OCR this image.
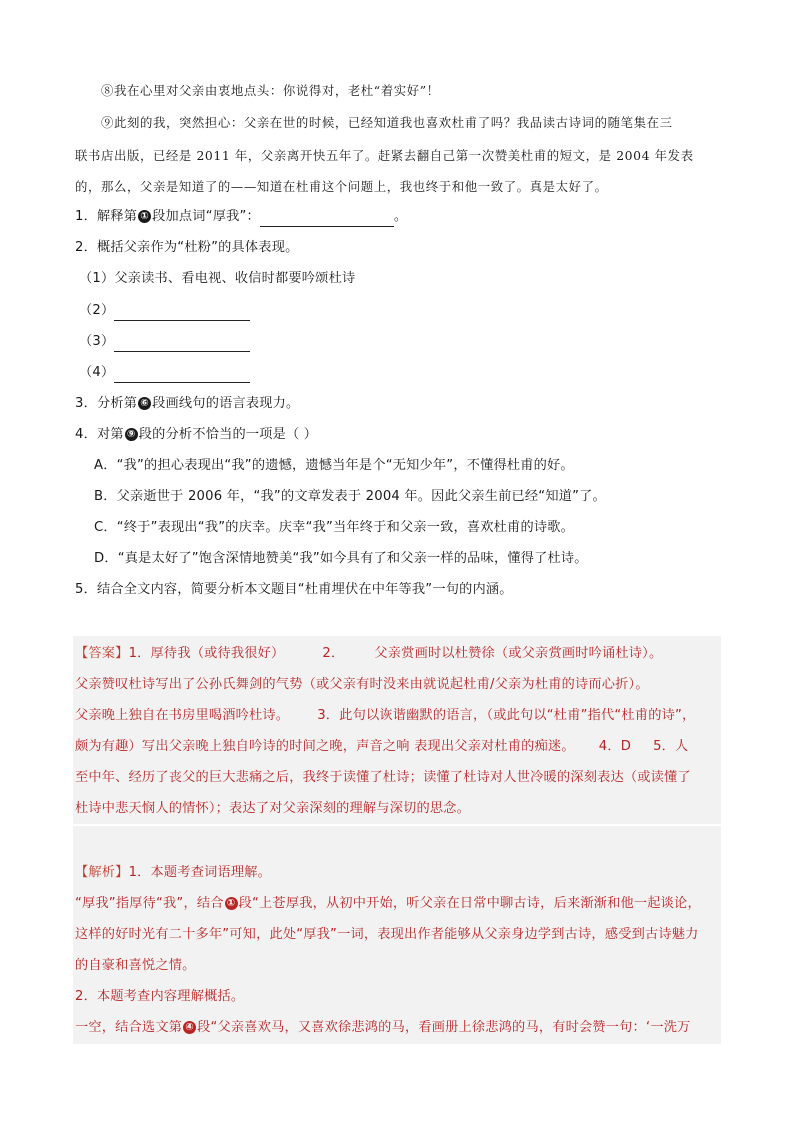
⑧我在心里对父亲由衷地点头：你说得对，老杜“着实好”！
⑨此刻的我，突然担心：父亲在世的时候，已经知道我也喜欢杜甫了吗？我品读古诗词的随笔集在三
联书店出版，已经是 2011 年，父亲离开快五年了。赶紧去翻自己第一次赞美杜甫的短文，是 2004 年发表
的，那么，父亲是知道了的——知道在杜甫这个问题上，我也终于和他一致了。真是太好了。
1．解释第 ① 段加点词“厚我”：	。
2．概括父亲作为“杜粉”的具体表现。
（1）父亲读书、看电视、收信时都要吟颂杜诗
（2）
（3）
（4）
3．分析第 ⑥ 段画线句的语言表现力。
4．对第 ⑨ 段的分析不恰当的一项是（ ）
A．“我”的担心表现出“我”的遗憾，遗憾当年是个“无知少年”，不懂得杜甫的好。
B．父亲逝世于 2006 年，“我”的文章发表于 2004 年。因此父亲生前已经“知道”了。
C．“终于”表现出“我”的庆幸。庆幸“我”当年终于和父亲一致，喜欢杜甫的诗歌。
D．“真是太好了”饱含深情地赞美“我”如今具有了和父亲一样的品味，懂得了杜诗。
5．结合全文内容，简要分析本文题目“杜甫埋伏在中年等我”一句的内涵。
【答案】1．厚待我（或待我很好）	2． 父亲赏画时以杜赞徐（或父亲赏画时吟诵杜诗）。
父亲赞叹杜诗写出了公孙氏舞剑的气势（或父亲有时没来由就说起杜甫/父亲为杜甫的诗而心折）。
父亲晚上独自在书房里喝酒吟杜诗。 3．此句以诙谐幽默的语言，（或此句以“杜甫”指代“杜甫的诗”，
颇为有趣）写出父亲晚上独自吟诗的时间之晚，声音之响 表现出父亲对杜甫的痴迷。 4．D 5．人
至中年、经历了丧父的巨大悲痛之后，我终于读懂了杜诗；读懂了杜诗对人世冷暖的深刻表达（或读懂了
杜诗中悲天悯人的情怀）；表达了对父亲深刻的理解与深切的思念。
【解析】1．本题考查词语理解。
“厚我”指厚待“我”，结合 ① 段“上苍厚我，从初中开始，听父亲在日常中聊古诗，后来渐渐和他一起谈论，
这样的好时光有二十多年”可知，此处“厚我”一词，表现出作者能够从父亲身边学到古诗，感受到古诗魅力
的自豪和喜悦之情。
2．本题考查内容理解概括。
一空，结合选文第 ④ 段“父亲喜欢马，又喜欢徐悲鸿的马，看画册上徐悲鸿的马，有时会赞一句：‘一洗万
